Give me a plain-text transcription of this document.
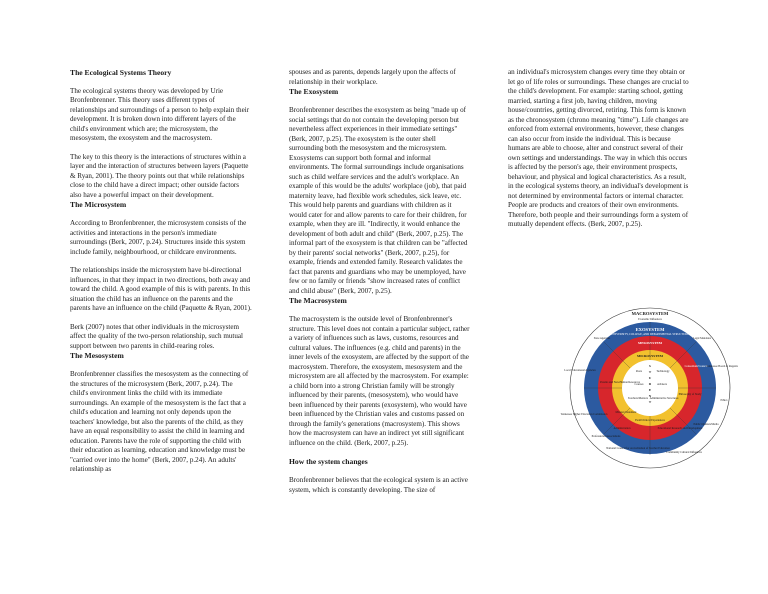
The Ecological Systems Theory

The ecological systems theory was developed by Urie Bronfenbrenner. This theory uses different types of relationships and surroundings of a person to help explain their development. It is broken down into different layers of the child's environment which are; the microsystem, the mesosystem, the exosystem and the macrosystem.

The key to this theory is the interactions of structures within a layer and the interaction of structures between layers (Paquette & Ryan, 2001). The theory points out that while relationships close to the child have a direct impact; other outside factors also have a powerful impact on their development.

The Microsystem

According to Bronfenbrenner, the microsystem consists of the activities and interactions in the person's immediate surroundings (Berk, 2007, p.24). Structures inside this system include family, neighbourhood, or childcare environments.

The relationships inside the microsystem have bi-directional influences, in that they impact in two directions, both away and toward the child. A good example of this is with parents. In this situation the child has an influence on the parents and the parents have an influence on the child (Paquette & Ryan, 2001).

Berk (2007) notes that other individuals in the microsystem affect the quality of the two-person relationship, such mutual support between two parents in child-rearing roles.

The Mesosystem

Bronfenbrenner classifies the mesosystem as the connecting of the structures of the microsystem (Berk, 2007, p.24). The child's environment links the child with its immediate surroundings. An example of the mesosystem is the fact that a child's education and learning not only depends upon the teachers' knowledge, but also the parents of the child, as they have an equal responsibility to assist the child in learning and education. Parents have the role of supporting the child with their education as learning, education and knowledge must be "carried over into the home" (Berk, 2007, p.24). An adults' relationship as

spouses and as parents, depends largely upon the affects of relationship in their workplace.

The Exosystem

Bronfenbrenner describes the exosystem as being "made up of social settings that do not contain the developing person but nevertheless affect experiences in their immediate settings" (Berk, 2007, p.25). The exosystem is the outer shell surrounding both the mesosystem and the microsystem. Exosystems can support both formal and informal environments. The formal surroundings include organisations such as child welfare services and the adult's workplace. An example of this would be the adults' workplace (job), that paid maternity leave, had flexible work schedules, sick leave, etc. This would help parents and guardians with children as it would cater for and allow parents to care for their children, for example, when they are ill. "Indirectly, it would enhance the development of both adult and child" (Berk, 2007, p.25). The informal part of the exosystem is that children can be "affected by their parents' social networks" (Berk, 2007, p.25), for example, friends and extended family. Research validates the fact that parents and guardians who may be unemployed, have few or no family or friends "show increased rates of conflict and child abuse" (Berk, 2007, p.25).

The Macrosystem

The macrosystem is the outside level of Bronfenbrenner's structure. This level does not contain a particular subject, rather a variety of influences such as laws, customs, resources and cultural values. The influences (e.g. child and parents) in the inner levels of the exosystem, are affected by the support of the macrosystem. Therefore, the exosystem, mesosystem and the microsystem are all affected by the macrosystem. For example: a child born into a strong Christian family will be strongly influenced by their parents, (mesosystem), who would have been influenced by their parents (exosystem), who would have been influenced by the Christian vales and customs passed on through the family's generations (macrosystem). This shows how the macrosystem can have an indirect yet still significant influence on the child. (Berk, 2007, p.25).

How the system changes

Bronfenbrenner believes that the ecological system is an active system, which is constantly developing. The size of

an individual's microsystem changes every time they obtain or let go of life roles or surroundings. These changes are crucial to the child's development. For example: starting school, getting married, starting a first job, having children, moving house/countries, getting divorced, retiring. This form is known as the chronosystem (chrono meaning "time"). Life changes are enforced from external environments, however, these changes can also occur from inside the individual. This is because humans are able to choose, alter and construct several of their own settings and understandings. The way in which this occurs is affected by the person's age, their environment prospects, behaviour, and physical and logical characteristics. As a result, in the ecological systems theory, an individual's development is not determined by environmental factors or internal character. People are products and creators of their own environments. Therefore, both people and their surroundings form a system of mutually dependent effects. (Berk, 2007, p.25).

MACROSYSTEM
EXOSYSTEM
UNIVERSITY, COLLEGE, AND DEPARTMENTAL STRUCTURE
MESOSYSTEM
MICROSYSTEM
S
T
U
D
E
N
T
Peers	Technology
Courses	Advisors
Teachers/Mentors Administrative Structures
Parents and Non-Human Resources
Field/Clinical Experiences
Mission Statement
Economic Influences
Legal Mandates
Consortium/Council
Tennessee Board of Regents
Ethics
Public Opinion/Media
Community Cultural Influences
National Council for Accreditation of Teacher Education
Professional Associations
Tennessee Higher Education Commission
Local Educational Agencies
State Agencies
Administration	Educational Research and Development
Philosophy of Study
